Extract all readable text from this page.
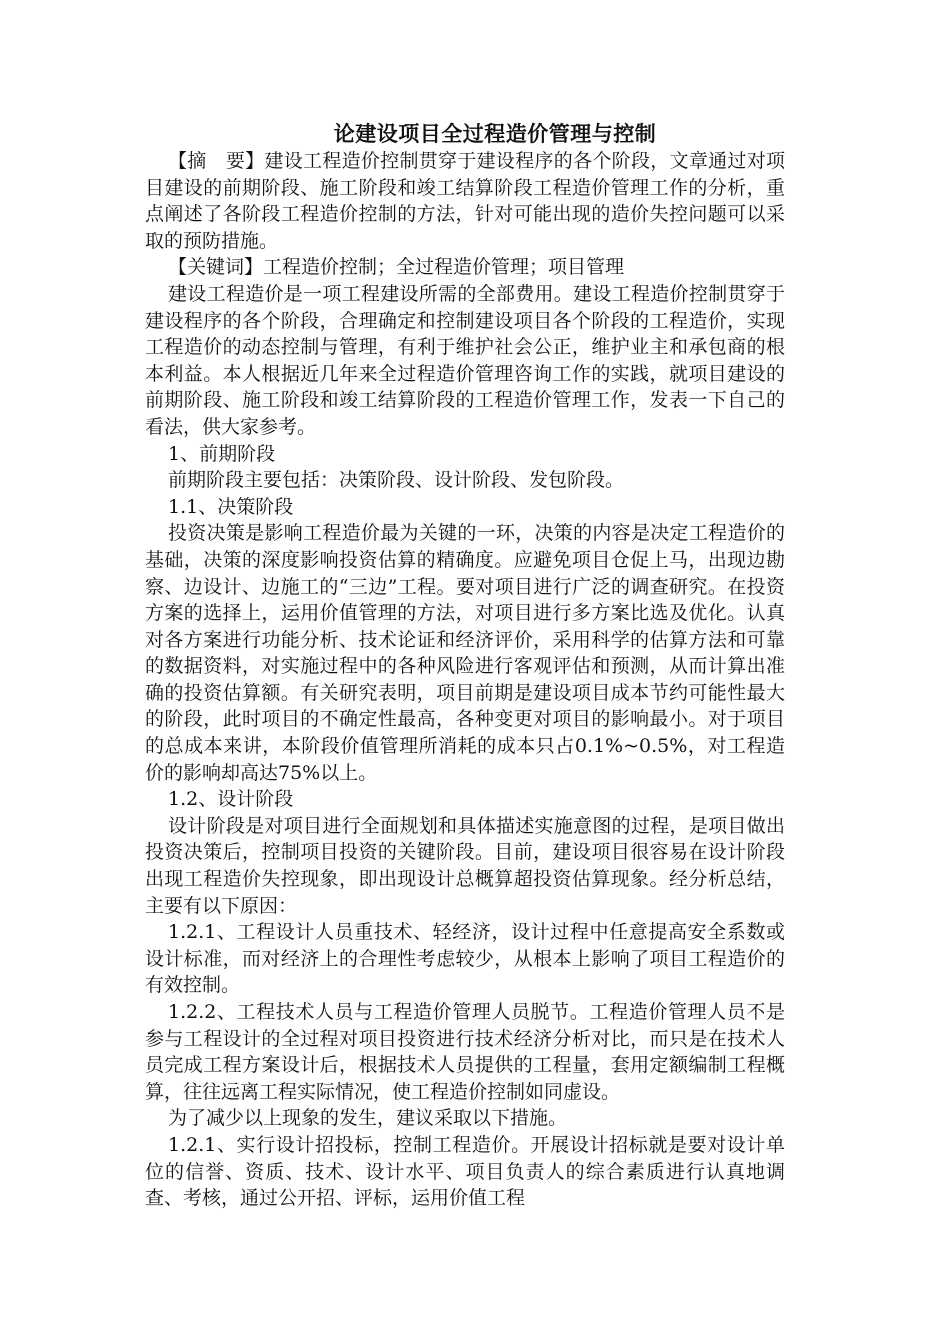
论建设项目全过程造价管理与控制

【摘　要】建设工程造价控制贯穿于建设程序的各个阶段，文章通过对项目建设的前期阶段、施工阶段和竣工结算阶段工程造价管理工作的分析，重点阐述了各阶段工程造价控制的方法，针对可能出现的造价失控问题可以采取的预防措施。

【关键词】工程造价控制；全过程造价管理；项目管理

建设工程造价是一项工程建设所需的全部费用。建设工程造价控制贯穿于建设程序的各个阶段，合理确定和控制建设项目各个阶段的工程造价，实现工程造价的动态控制与管理，有利于维护社会公正，维护业主和承包商的根本利益。本人根据近几年来全过程造价管理咨询工作的实践，就项目建设的前期阶段、施工阶段和竣工结算阶段的工程造价管理工作，发表一下自己的看法，供大家参考。

1、前期阶段

前期阶段主要包括：决策阶段、设计阶段、发包阶段。

1.1、决策阶段

投资决策是影响工程造价最为关键的一环，决策的内容是决定工程造价的基础，决策的深度影响投资估算的精确度。应避免项目仓促上马，出现边勘察、边设计、边施工的“三边”工程。要对项目进行广泛的调查研究。在投资方案的选择上，运用价值管理的方法，对项目进行多方案比选及优化。认真对各方案进行功能分析、技术论证和经济评价，采用科学的估算方法和可靠的数据资料，对实施过程中的各种风险进行客观评估和预测，从而计算出准确的投资估算额。有关研究表明，项目前期是建设项目成本节约可能性最大的阶段，此时项目的不确定性最高，各种变更对项目的影响最小。对于项目的总成本来讲，本阶段价值管理所消耗的成本只占0.1%~0.5%，对工程造价的影响却高达75%以上。

1.2、设计阶段

设计阶段是对项目进行全面规划和具体描述实施意图的过程，是项目做出投资决策后，控制项目投资的关键阶段。目前，建设项目很容易在设计阶段出现工程造价失控现象，即出现设计总概算超投资估算现象。经分析总结，主要有以下原因：

1.2.1、工程设计人员重技术、轻经济，设计过程中任意提高安全系数或设计标准，而对经济上的合理性考虑较少，从根本上影响了项目工程造价的有效控制。

1.2.2、工程技术人员与工程造价管理人员脱节。工程造价管理人员不是参与工程设计的全过程对项目投资进行技术经济分析对比，而只是在技术人员完成工程方案设计后，根据技术人员提供的工程量，套用定额编制工程概算，往往远离工程实际情况，使工程造价控制如同虚设。

为了减少以上现象的发生，建议采取以下措施。

1.2.1、实行设计招投标，控制工程造价。开展设计招标就是要对设计单位的信誉、资质、技术、设计水平、项目负责人的综合素质进行认真地调查、考核，通过公开招、评标，运用价值工程
